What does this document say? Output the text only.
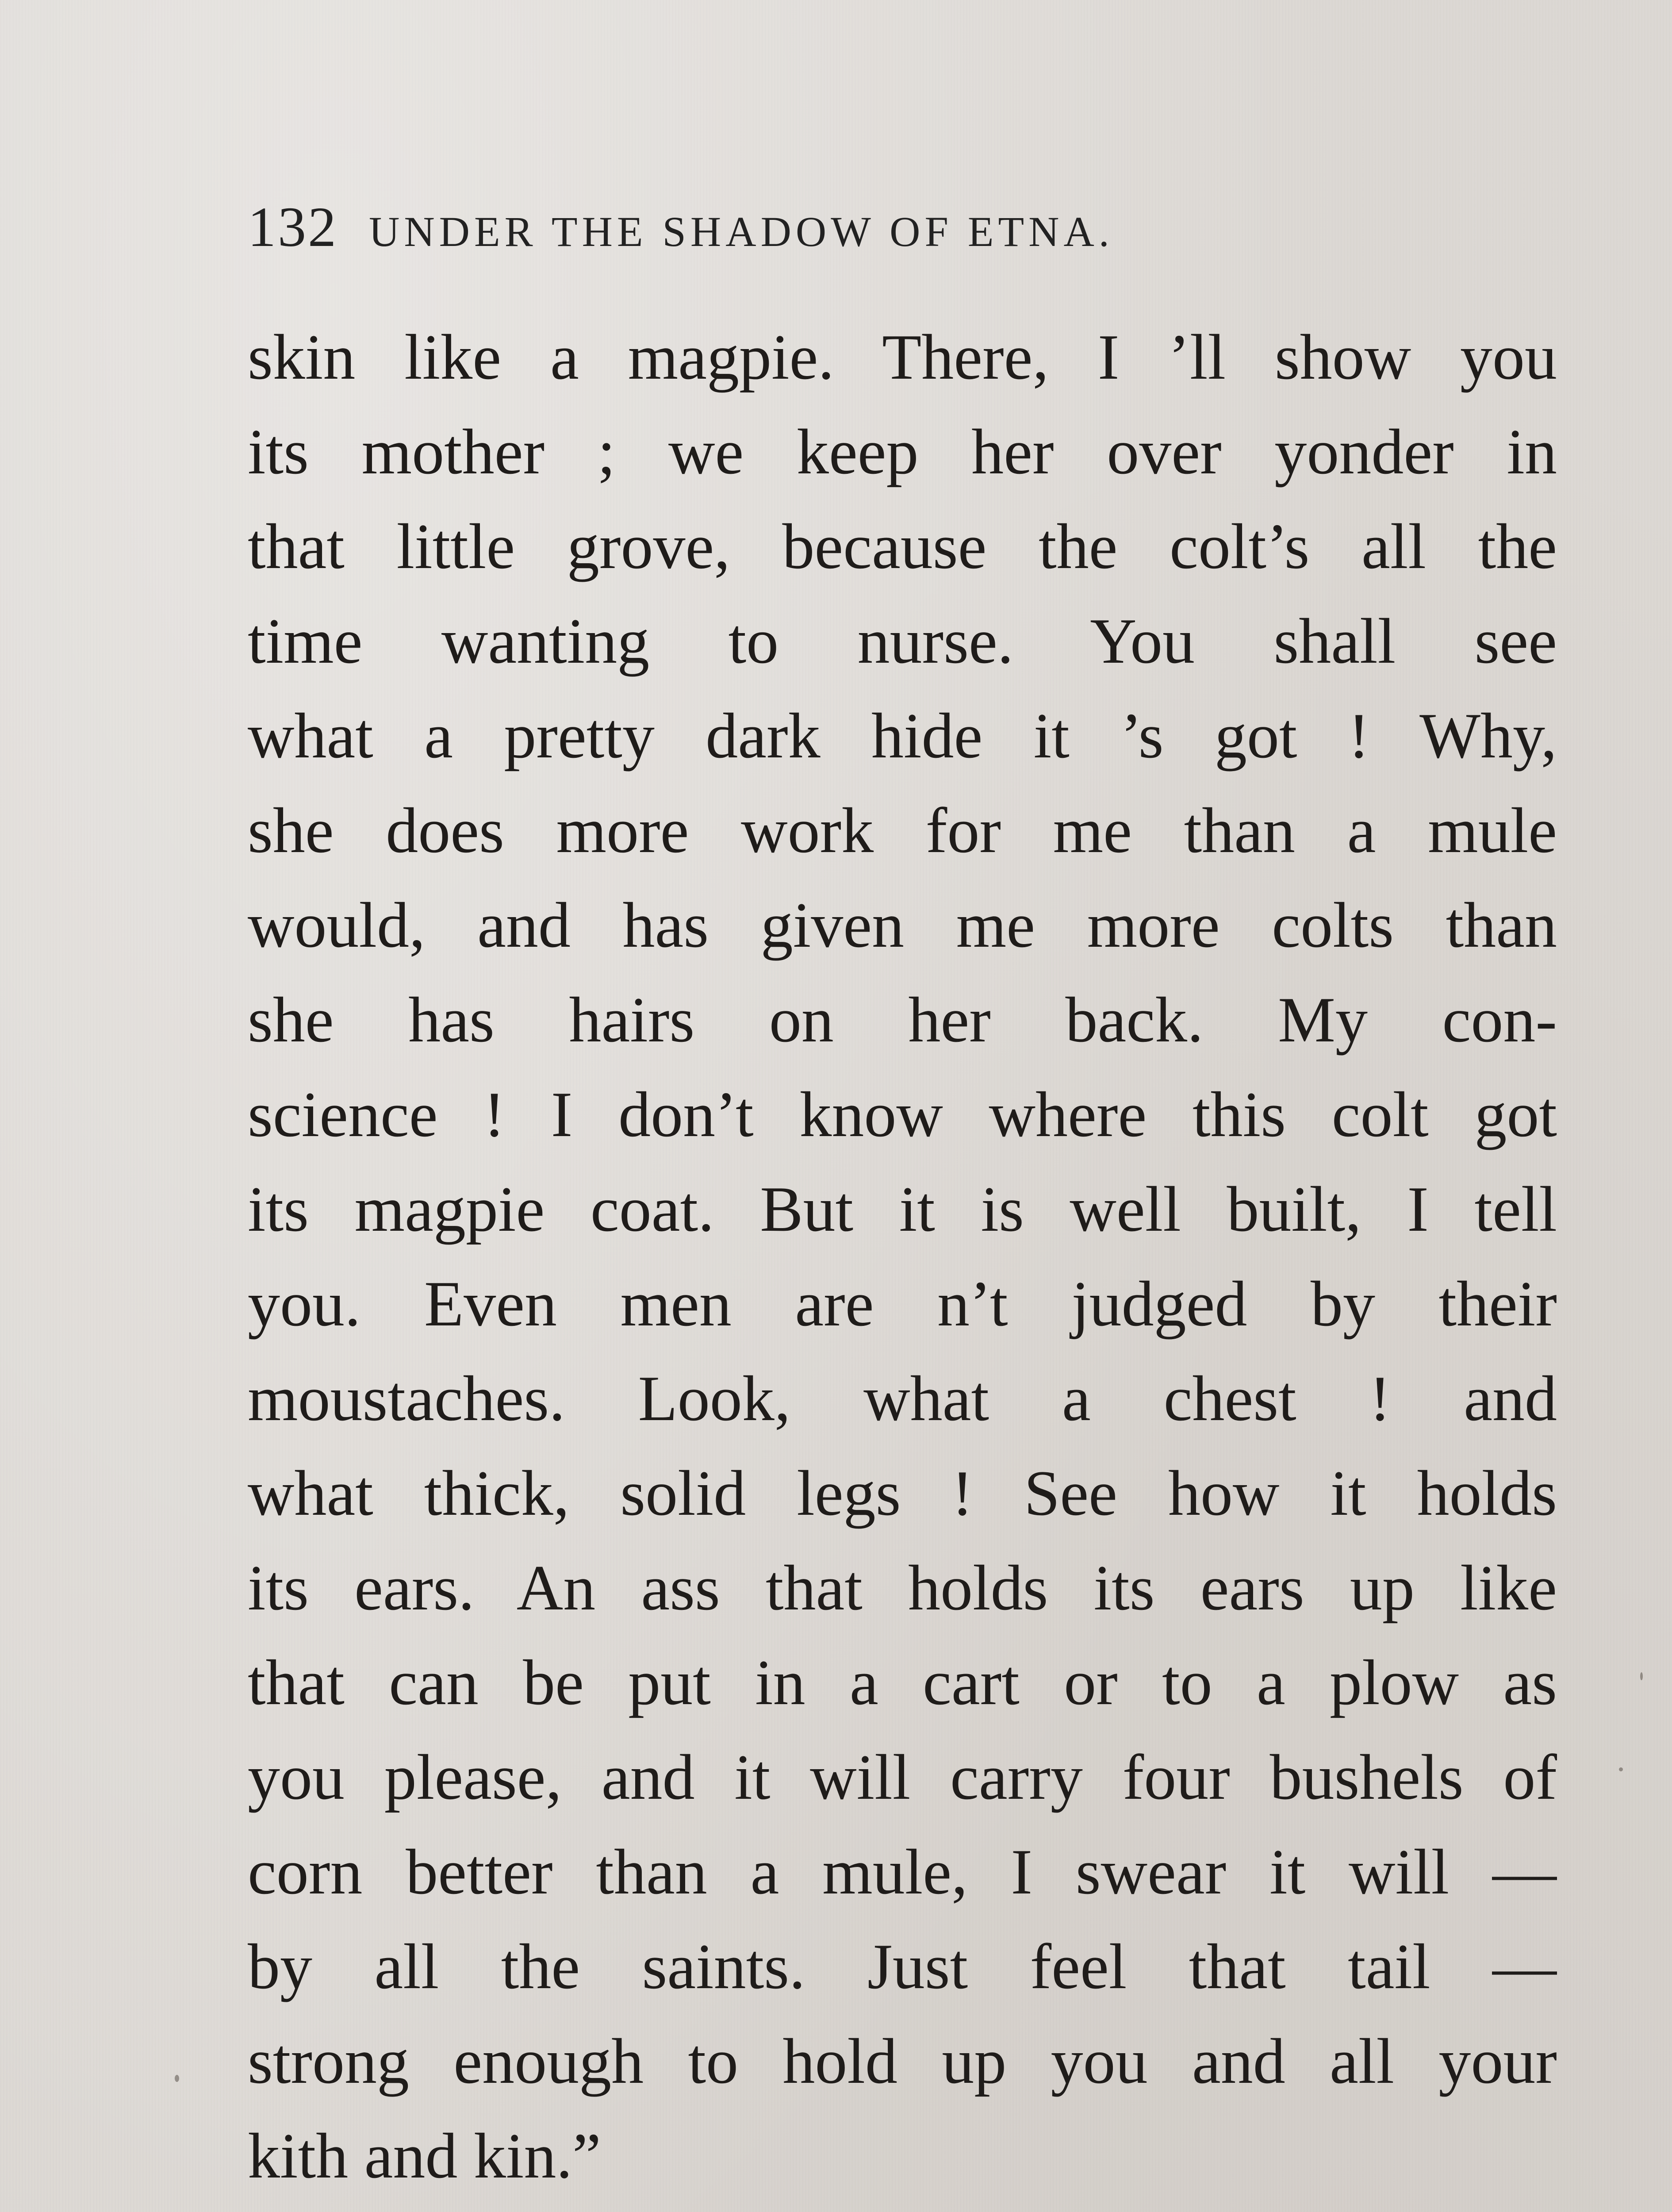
132 UNDER THE SHADOW OF ETNA.
skin like a magpie. There, I ’ll show you
its mother ; we keep her over yonder in
that little grove, because the colt’s all the
time wanting to nurse. You shall see
what a pretty dark hide it ’s got ! Why,
she does more work for me than a mule
would, and has given me more colts than
she has hairs on her back. My con-
science ! I don’t know where this colt got
its magpie coat. But it is well built, I tell
you. Even men are n’t judged by their
moustaches. Look, what a chest ! and
what thick, solid legs ! See how it holds
its ears. An ass that holds its ears up like
that can be put in a cart or to a plow as
you please, and it will carry four bushels of
corn better than a mule, I swear it will —
by all the saints. Just feel that tail —
strong enough to hold up you and all your
kith and kin.”
